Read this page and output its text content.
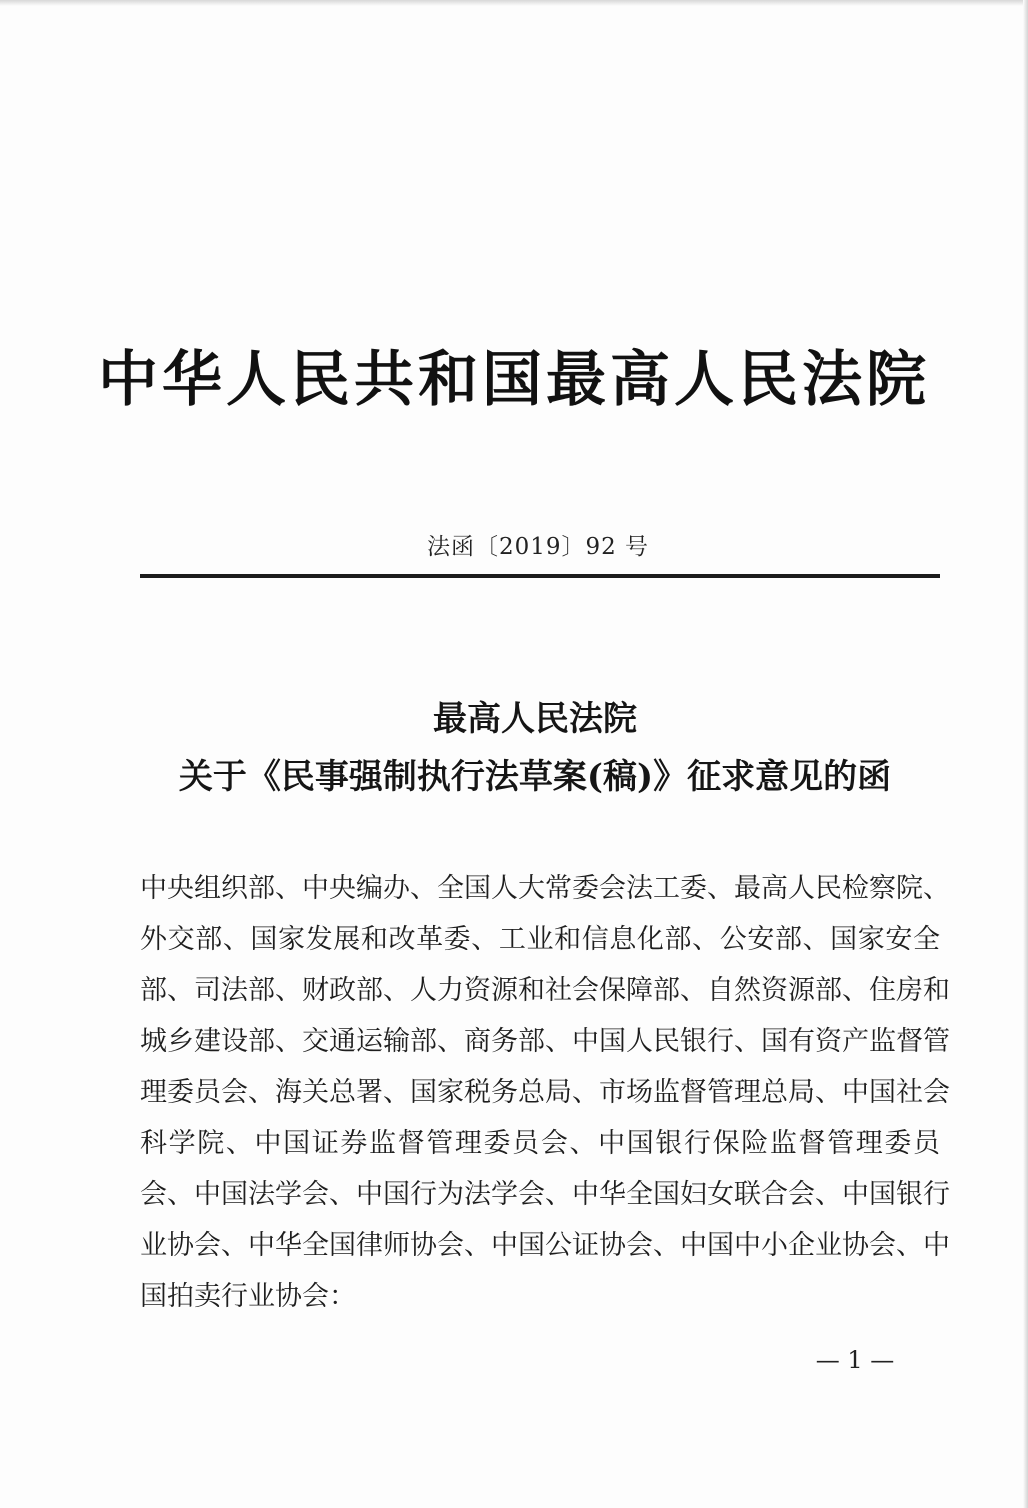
中华人民共和国最高人民法院
法函〔2019〕92 号
最高人民法院
关于《民事强制执行法草案(稿)》征求意见的函
中央组织部、中央编办、全国人大常委会法工委、最高人民检察院、
外交部、国家发展和改革委、工业和信息化部、公安部、国家安全
部、司法部、财政部、人力资源和社会保障部、自然资源部、住房和
城乡建设部、交通运输部、商务部、中国人民银行、国有资产监督管
理委员会、海关总署、国家税务总局、市场监督管理总局、中国社会
科学院、中国证券监督管理委员会、中国银行保险监督管理委员
会、中国法学会、中国行为法学会、中华全国妇女联合会、中国银行
业协会、中华全国律师协会、中国公证协会、中国中小企业协会、中
国拍卖行业协会：
— 1 —
